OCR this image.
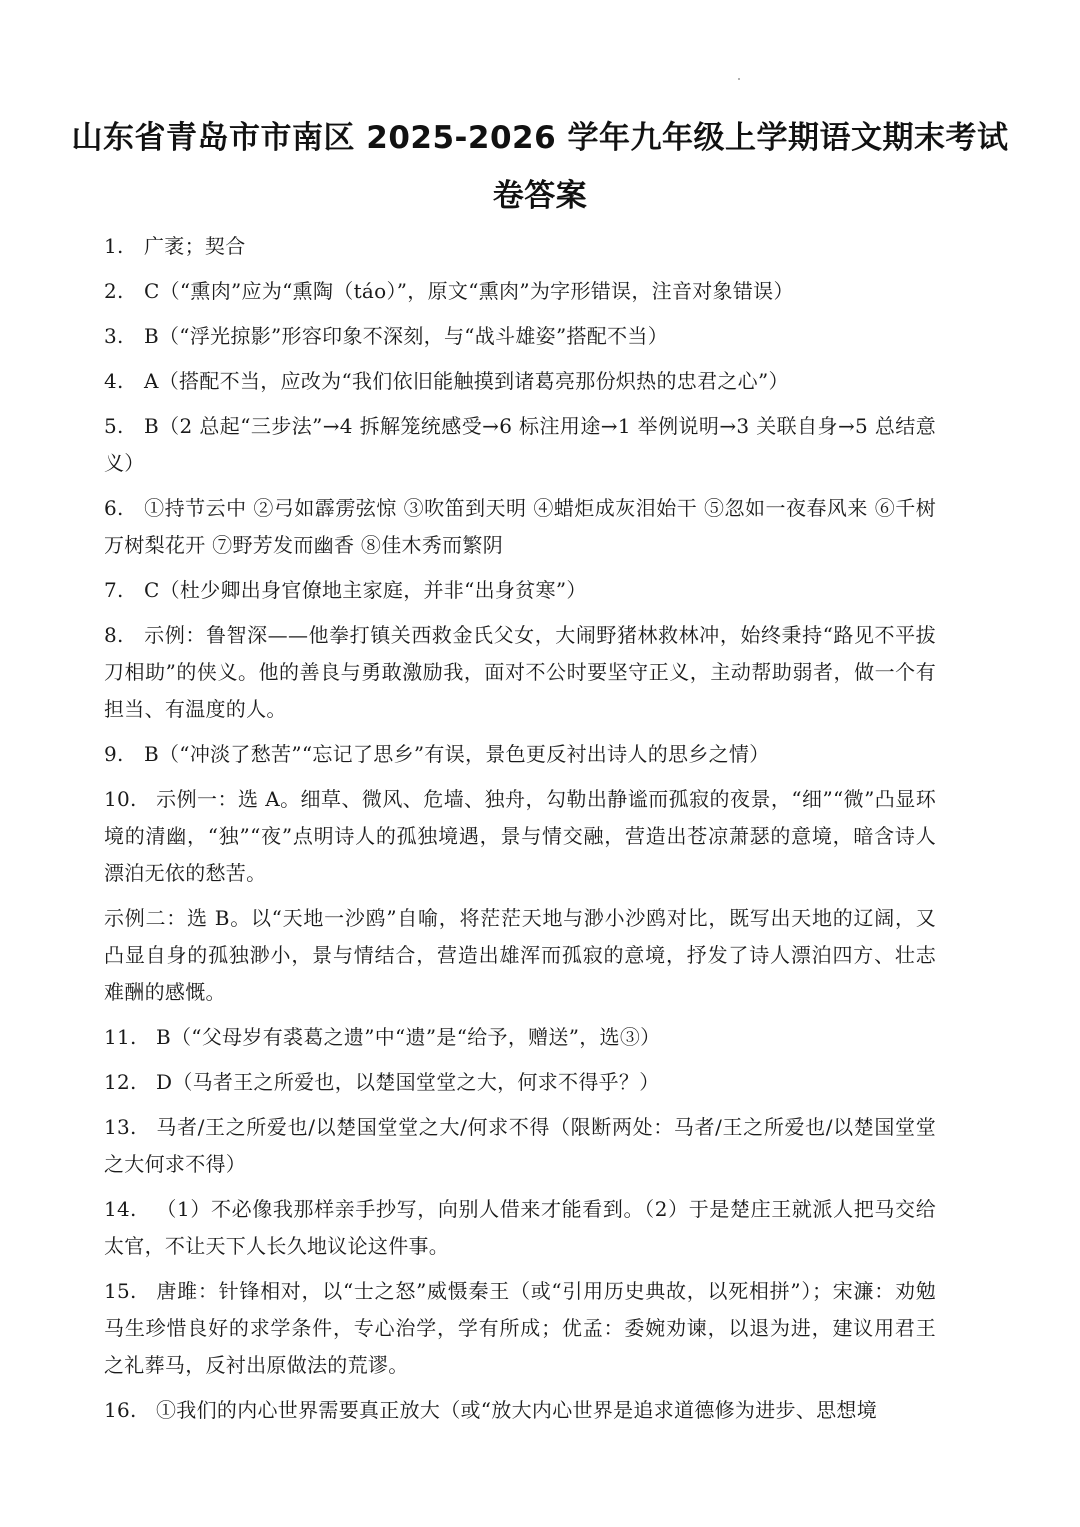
山东省青岛市市南区 2025-2026 学年九年级上学期语文期末考试
卷答案
1. 广袤；契合
2. C（“熏肉”应为“熏陶（táo）”，原文“熏肉”为字形错误，注音对象错误）
3. B（“浮光掠影”形容印象不深刻，与“战斗雄姿”搭配不当）
4. A（搭配不当，应改为“我们依旧能触摸到诸葛亮那份炽热的忠君之心”）
5. B（2 总起“三步法”→4 拆解笼统感受→6 标注用途→1 举例说明→3 关联自身→5 总结意义）
6. ①持节云中 ②弓如霹雳弦惊 ③吹笛到天明 ④蜡炬成灰泪始干 ⑤忽如一夜春风来 ⑥千树万树梨花开 ⑦野芳发而幽香 ⑧佳木秀而繁阴
7. C（杜少卿出身官僚地主家庭，并非“出身贫寒”）
8. 示例：鲁智深——他拳打镇关西救金氏父女，大闹野猪林救林冲，始终秉持“路见不平拔刀相助”的侠义。他的善良与勇敢激励我，面对不公时要坚守正义，主动帮助弱者，做一个有担当、有温度的人。
9. B（“冲淡了愁苦”“忘记了思乡”有误，景色更反衬出诗人的思乡之情）
10. 示例一：选 A。细草、微风、危墙、独舟，勾勒出静谧而孤寂的夜景，“细”“微”凸显环境的清幽，“独”“夜”点明诗人的孤独境遇，景与情交融，营造出苍凉萧瑟的意境，暗含诗人漂泊无依的愁苦。
示例二：选 B。以“天地一沙鸥”自喻，将茫茫天地与渺小沙鸥对比，既写出天地的辽阔，又凸显自身的孤独渺小，景与情结合，营造出雄浑而孤寂的意境，抒发了诗人漂泊四方、壮志难酬的感慨。
11. B（“父母岁有裘葛之遗”中“遗”是“给予，赠送”，选③）
12. D（马者王之所爱也，以楚国堂堂之大，何求不得乎？）
13. 马者/王之所爱也/以楚国堂堂之大/何求不得（限断两处：马者/王之所爱也/以楚国堂堂之大何求不得）
14. （1）不必像我那样亲手抄写，向别人借来才能看到。（2）于是楚庄王就派人把马交给太官，不让天下人长久地议论这件事。
15. 唐雎：针锋相对，以“士之怒”威慑秦王（或“引用历史典故，以死相拼”）；宋濂：劝勉马生珍惜良好的求学条件，专心治学，学有所成；优孟：委婉劝谏，以退为进，建议用君王之礼葬马，反衬出原做法的荒谬。
16. ①我们的内心世界需要真正放大（或“放大内心世界是追求道德修为进步、思想境
